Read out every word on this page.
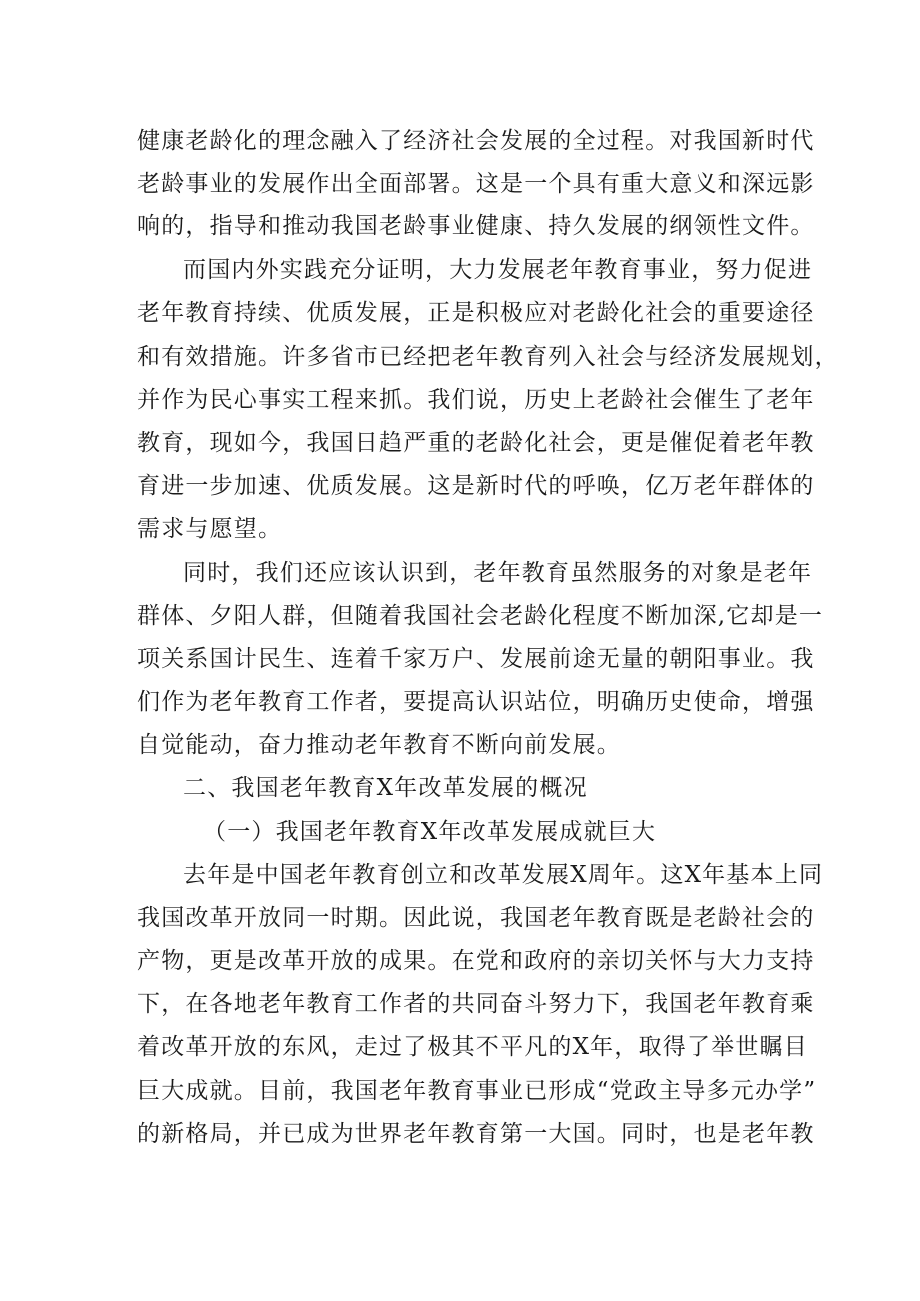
健康老龄化的理念融入了经济社会发展的全过程。对我国新时代
老龄事业的发展作出全面部署。这是一个具有重大意义和深远影
响的，指导和推动我国老龄事业健康、持久发展的纲领性文件。
而国内外实践充分证明，大力发展老年教育事业，努力促进
老年教育持续、优质发展，正是积极应对老龄化社会的重要途径
和有效措施。许多省市已经把老年教育列入社会与经济发展规划，
并作为民心事实工程来抓。我们说，历史上老龄社会催生了老年
教育，现如今，我国日趋严重的老龄化社会，更是催促着老年教
育进一步加速、优质发展。这是新时代的呼唤，亿万老年群体的
需求与愿望。
同时，我们还应该认识到，老年教育虽然服务的对象是老年
群体、夕阳人群，但随着我国社会老龄化程度不断加深,它却是一
项关系国计民生、连着千家万户、发展前途无量的朝阳事业。我
们作为老年教育工作者，要提高认识站位，明确历史使命，增强
自觉能动，奋力推动老年教育不断向前发展。
二、我国老年教育X年改革发展的概况
（一）我国老年教育X年改革发展成就巨大
去年是中国老年教育创立和改革发展X周年。这X年基本上同
我国改革开放同一时期。因此说，我国老年教育既是老龄社会的
产物，更是改革开放的成果。在党和政府的亲切关怀与大力支持
下，在各地老年教育工作者的共同奋斗努力下，我国老年教育乘
着改革开放的东风，走过了极其不平凡的X年，取得了举世瞩目
巨大成就。目前，我国老年教育事业已形成“党政主导多元办学”
的新格局，并已成为世界老年教育第一大国。同时，也是老年教
